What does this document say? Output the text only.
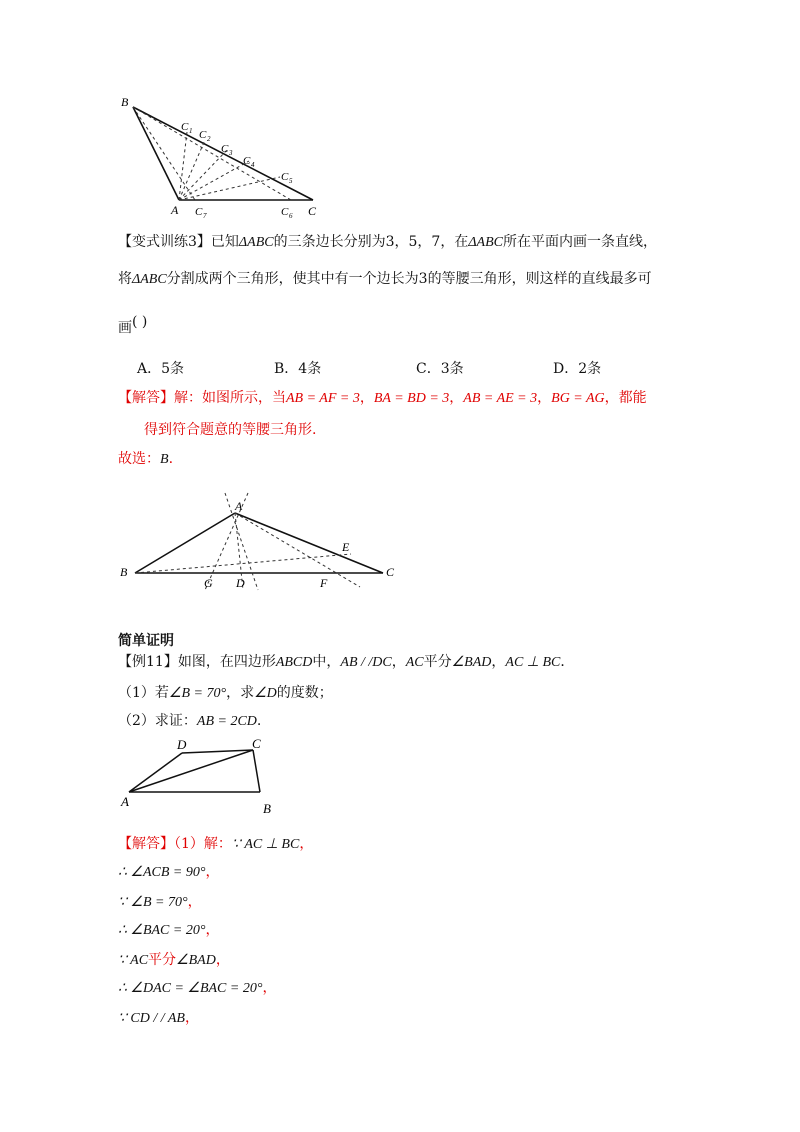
B
A	C
C 1 C 2
C 3
C 4
C 5
C 6
C 7
【变式训练3】已知ΔABC的三条边长分别为3，5，7，在ΔABC所在平面内画一条直线，
将ΔABC分割成两个三角形，使其中有一个边长为3的等腰三角形，则这样的直线最多可
画( )
A．5条	B．4条	C．3条	D．2条
【解答】解：如图所示，当AB = AF = 3，BA = BD = 3，AB = AE = 3，BG = AG，都能
得到符合题意的等腰三角形.
故选：B.
A
B	C
E
G D	F
简单证明
【例11】如图，在四边形ABCD中，AB / /DC，AC平分∠BAD，AC ⊥ BC．
（1）若∠B = 70°，求∠D的度数；
（2）求证：AB = 2CD.
D	C
A	B
【解答】（1）解：∵ AC ⊥ BC，
∴ ∠ACB = 90°，
∵ ∠B = 70°，
∴ ∠BAC = 20°，
∵ AC平分∠BAD，
∴ ∠DAC = ∠BAC = 20°，
∵ CD / / AB，
